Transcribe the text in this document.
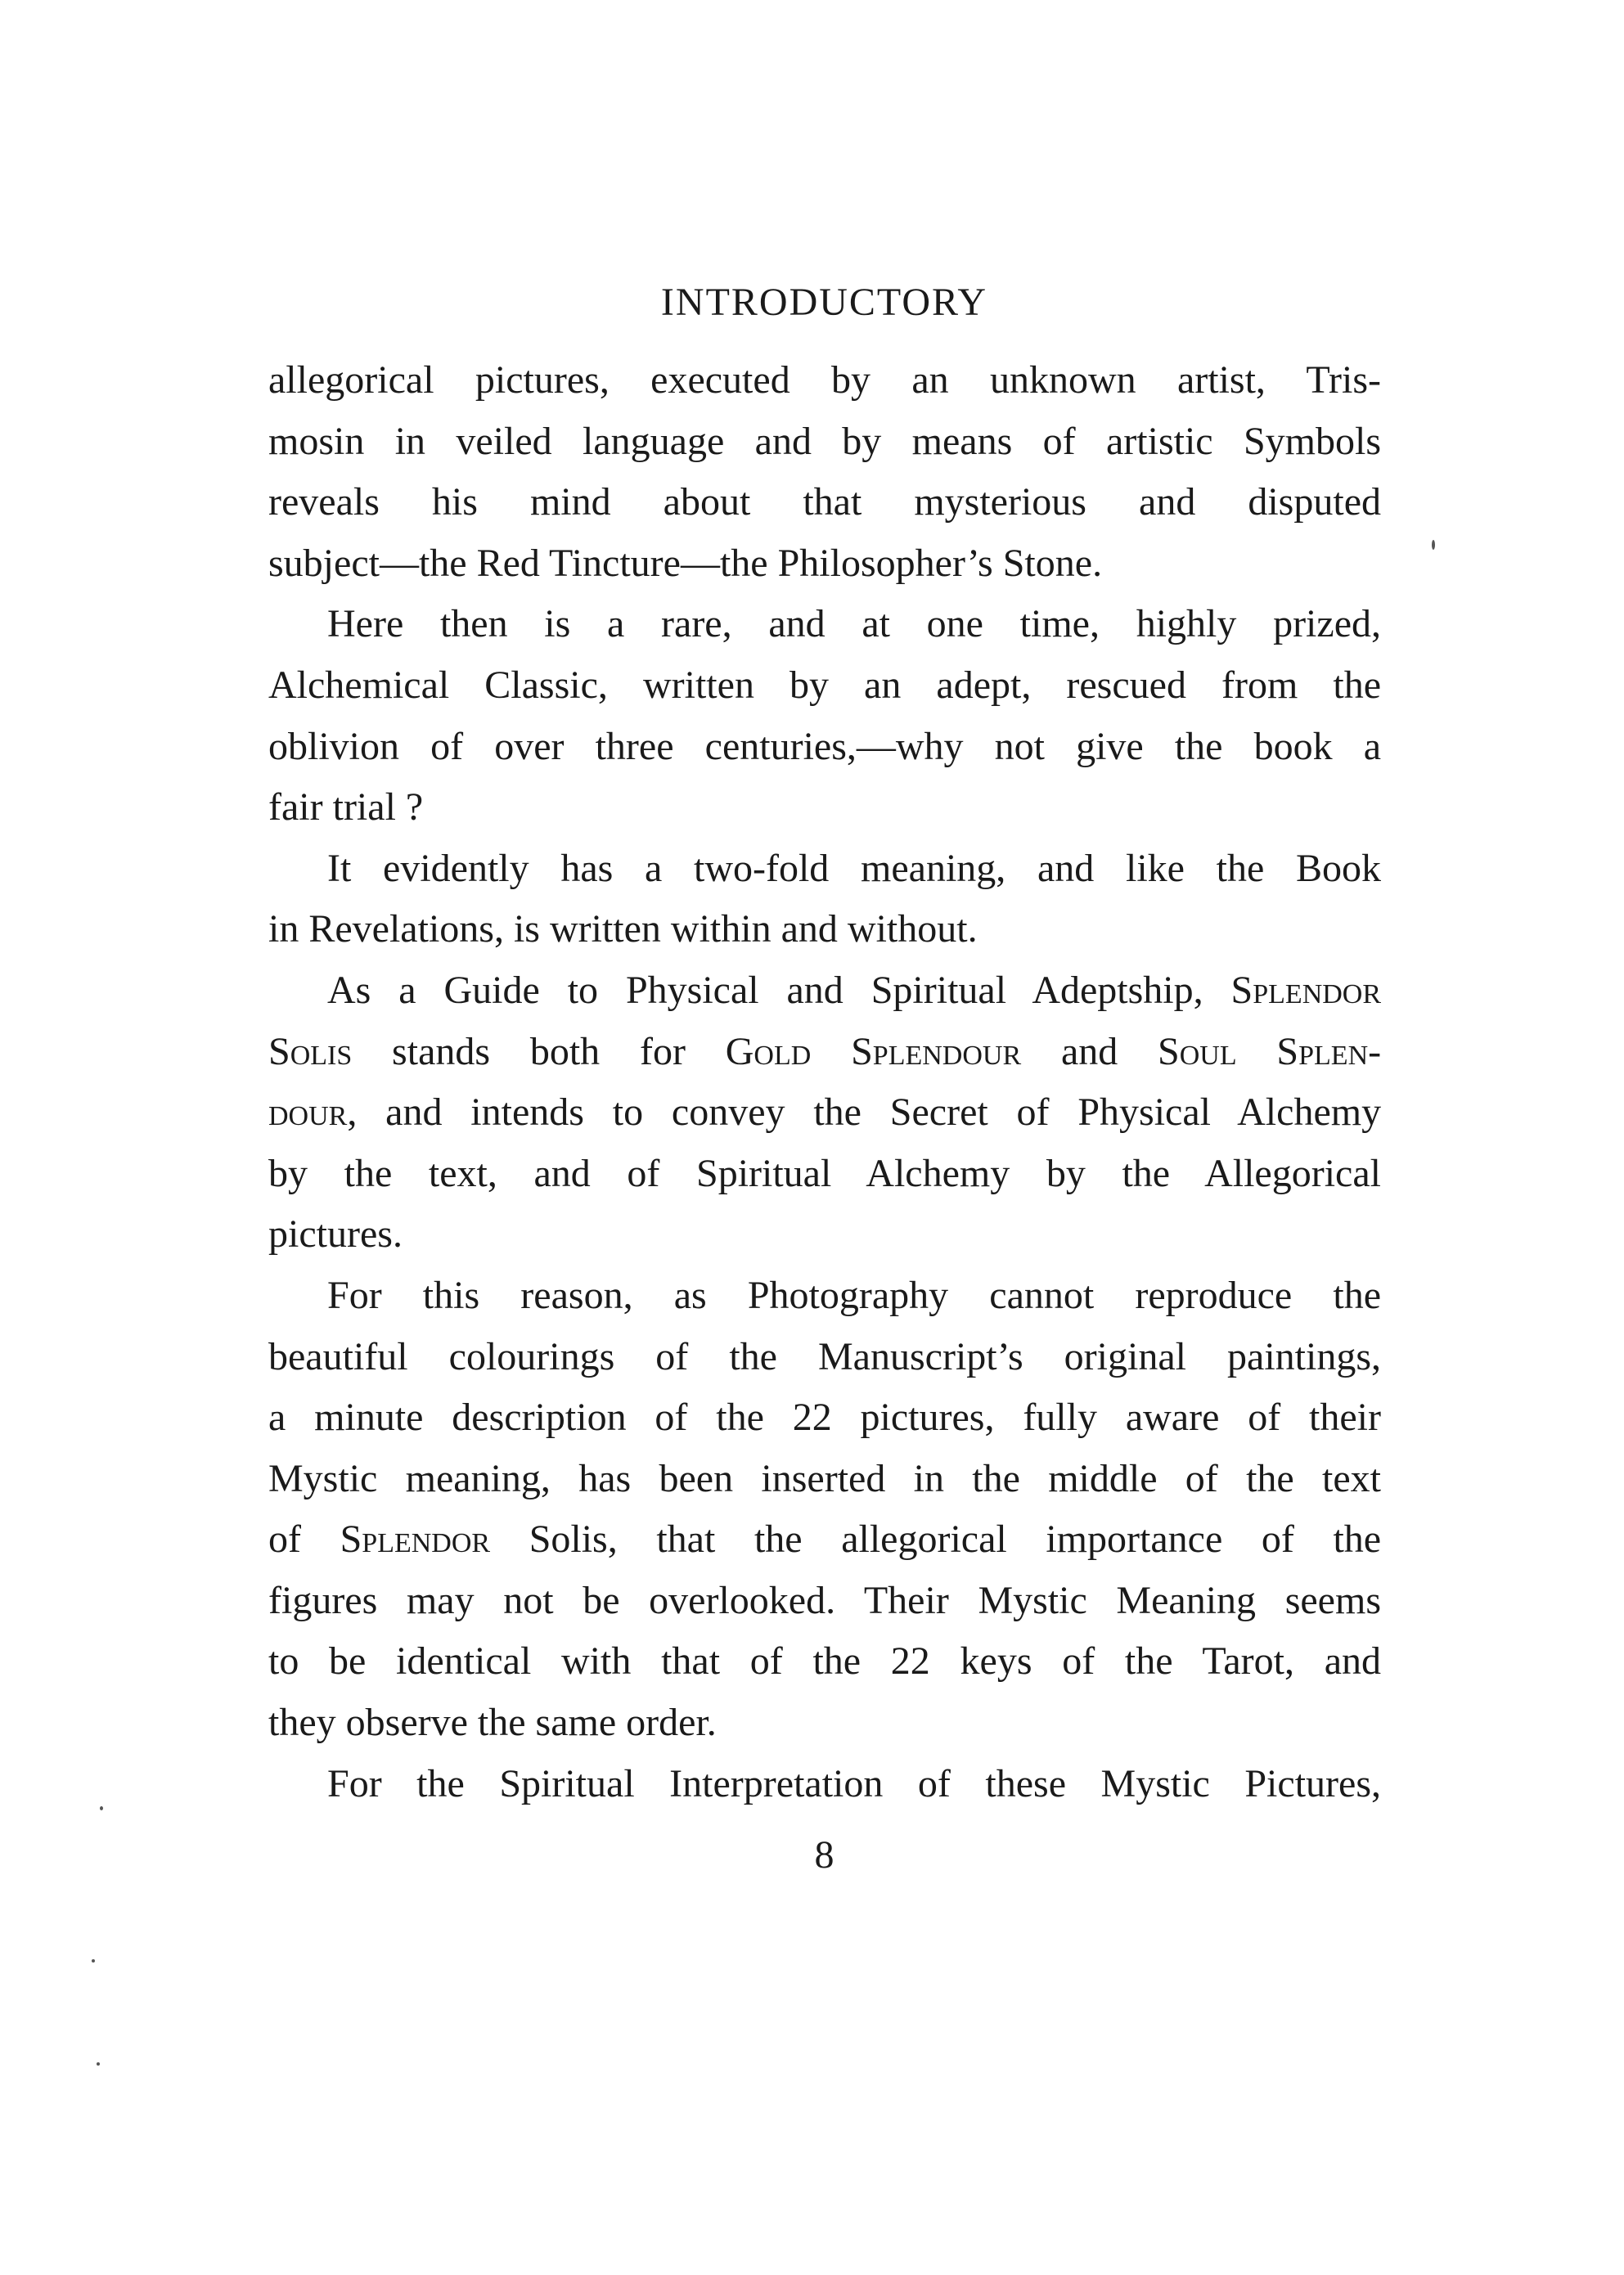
INTRODUCTORY
allegorical pictures, executed by an unknown artist, Tris-
mosin in veiled language and by means of artistic Symbols
reveals his mind about that mysterious and disputed
subject—the Red Tincture—the Philosopher’s Stone.
Here then is a rare, and at one time, highly prized,
Alchemical Classic, written by an adept, rescued from the
oblivion of over three centuries,—why not give the book a
fair trial ?
It evidently has a two-fold meaning, and like the Book
in Revelations, is written within and without.
As a Guide to Physical and Spiritual Adeptship, Splendor
Solis stands both for Gold Splendour and Soul Splen-
dour, and intends to convey the Secret of Physical Alchemy
by the text, and of Spiritual Alchemy by the Allegorical
pictures.
For this reason, as Photography cannot reproduce the
beautiful colourings of the Manuscript’s original paintings,
a minute description of the 22 pictures, fully aware of their
Mystic meaning, has been inserted in the middle of the text
of Splendor Solis, that the allegorical importance of the
figures may not be overlooked. Their Mystic Meaning seems
to be identical with that of the 22 keys of the Tarot, and
they observe the same order.
For the Spiritual Interpretation of these Mystic Pictures,
8
